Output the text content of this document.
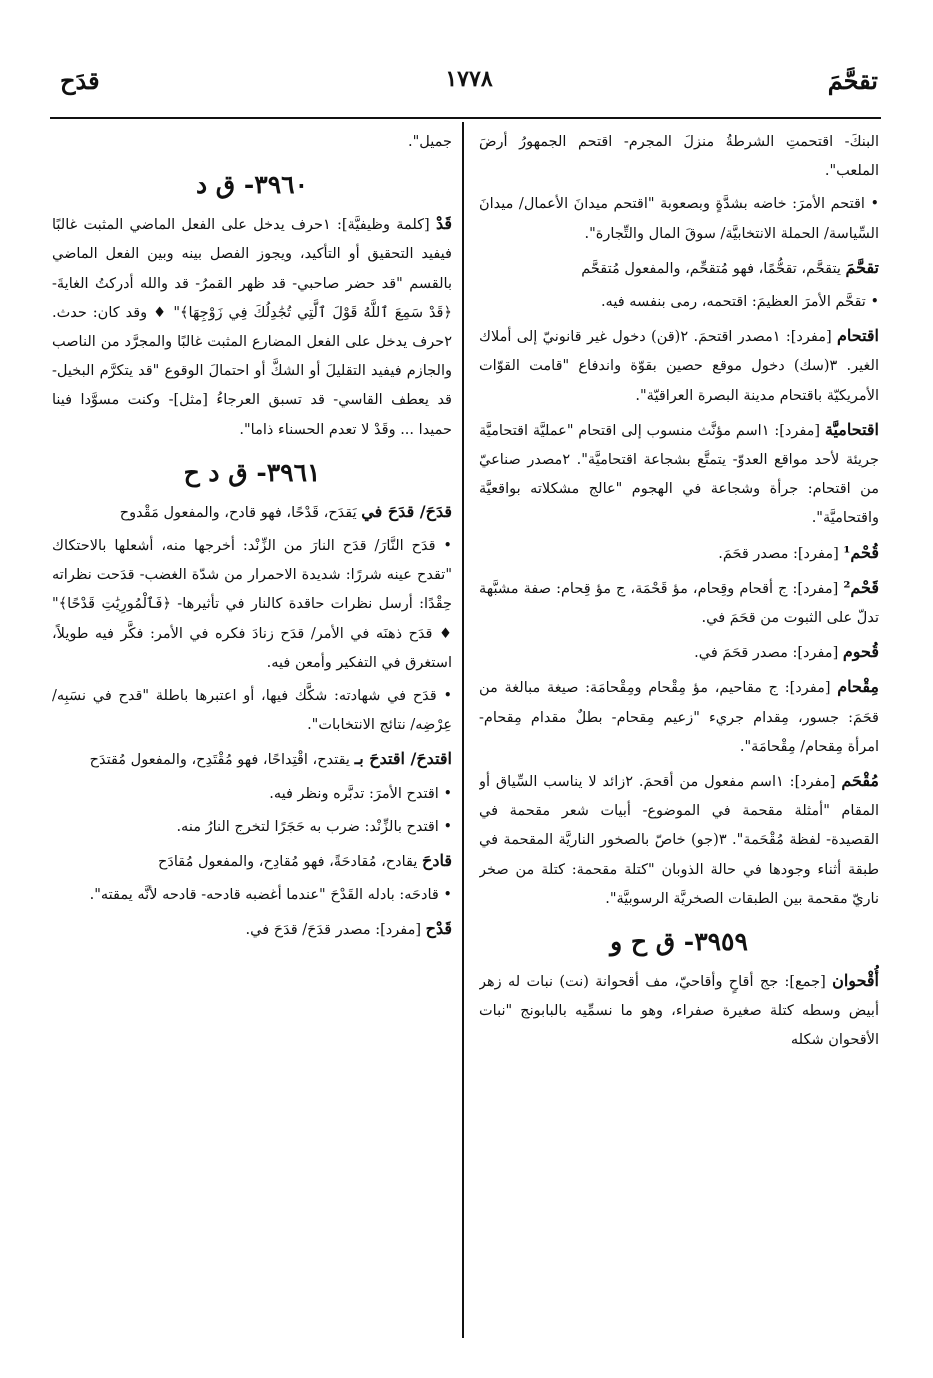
تقحَّمَ
١٧٧٨
قدَح

البنكَ- اقتحمتِ الشرطةُ منزلَ المجرم- اقتحم الجمهورُ أرضَ الملعب".

• اقتحم الأمرَ: خاضه بشدَّةٍ وبصعوبة "اقتحم ميدانَ الأعمال/ ميدانَ السِّياسة/ الحملة الانتخابيَّة/ سوقَ المال والتِّجارة".

تقحَّمَ يتقحَّم، تقحُّمًا، فهو مُتقحِّم، والمفعول مُتقحَّم

• تقحَّم الأمرَ العظيمَ: اقتحمه، رمى بنفسه فيه.

اقتحام [مفرد]: ١مصدر اقتحمَ. ٢(قن) دخول غير قانونيّ إلى أملاك الغير. ٣(سك) دخول موقع حصين بقوّة واندفاع "قامت القوّات الأمريكيّة باقتحام مدينة البصرة العراقيّة".

اقتحاميَّة [مفرد]: ١اسم مؤنَّث منسوب إلى اقتحام "عمليَّة اقتحاميَّة جريئة لأحد مواقع العدوّ- يتمتَّع بشجاعة اقتحاميَّة". ٢مصدر صناعيّ من اقتحام: جرأة وشجاعة في الهجوم "عالج مشكلاته بواقعيَّة واقتحاميَّة".

قُحْم¹ [مفرد]: مصدر قحَمَ.

قَحْم² [مفرد]: ج أقحام وقِحام، مؤ قَحْمَة، ج مؤ قِحام: صفة مشبَّهة تدلّ على الثبوت من قحَمَ في.

قُحوم [مفرد]: مصدر قحَمَ في.

مِقْحام [مفرد]: ج مقاحيم، مؤ مِقْحام ومِقْحامَة: صيغة مبالغة من قحَمَ: جسور، مِقدام جريء "زعيم مِقحام- بطلٌ مقدام مِقحام- امرأة مِقحام/ مِقْحامَة".

مُقْحَم [مفرد]: ١اسم مفعول من أقحمَ. ٢زائد لا يناسب السِّياق أو المقام "أمثلة مقحمة في الموضوع- أبيات شعر مقحمة في القصيدة- لفظة مُقْحَمة". ٣(جو) خاصّ بالصخور الناريَّة المقحمة في طبقة أثناء وجودها في حالة الذوبان "كتلة مقحمة: كتلة من صخر ناريّ مقحمة بين الطبقات الصخريَّة الرسوبيَّة".

٣٩٥٩- ق ح و

أُقْحوان [جمع]: جج أقاحٍ وأقاحيّ، مف أقحوانة (نت) نبات له زهر أبيض وسطه كتلة صغيرة صفراء، وهو ما نسمِّيه بالبابونج "نبات الأقحوان شكله

جميل".

٣٩٦٠- ق د

قَدْ [كلمة وظيفيَّة]: ١حرف يدخل على الفعل الماضي المثبت غالبًا فيفيد التحقيق أو التأكيد، ويجوز الفصل بينه وبين الفعل الماضي بالقسم "قد حضر صاحبي- قد ظهر القمرُ- قد والله أدركتُ الغايةَ- ﴿قَدْ سَمِعَ ٱللَّهُ قَوْلَ ٱلَّتِي تُجَٰدِلُكَ فِي زَوْجِهَا﴾" ♦ وقد كان: حدث. ٢حرف يدخل على الفعل المضارع المثبت غالبًا والمجرَّد من الناصب والجازم فيفيد التقليلَ أو الشكَّ أو احتمالَ الوقوع "قد يتكرَّم البخيل- قد يعطف القاسي- قد تسبق العرجاءُ [مثل]- وكنت مسوَّدا فينا حميدا ... وقَدْ لا تعدم الحسناء ذاما".

٣٩٦١- ق د ح

قدَحَ/ قدَحَ في يَقدَح، قَدْحًا، فهو قادح، والمفعول مَقْدوح

• قدَح النَّارَ/ قدَح النارَ من الزِّنْد: أخرجها منه، أشعلها بالاحتكاك "تقدح عينه شررًا: شديدة الاحمرار من شدّة الغضب- قدَحت نظراته حِقْدًا: أرسل نظرات حاقدة كالنار في تأثيرها- ﴿فَٱلْمُورِيَٰتِ قَدْحًا﴾" ♦ قدَح ذهنَه في الأمر/ قدَح زنادَ فكره في الأمر: فكَّر فيه طويلاً، استغرق في التفكير وأمعن فيه.

• قدَح في شهادته: شكَّك فيها، أو اعتبرها باطلة "قدح في نسَبِه/ عِرْضِه/ نتائج الانتخابات".

اقتدحَ/ اقتدحَ بـ يقتدح، اقْتِداحًا، فهو مُقْتَدِح، والمفعول مُقتدَح

• اقتدح الأمرَ: تدبَّره ونظر فيه.

• اقتدح بالزِّنْد: ضرب به حَجَرًا لتخرج النارُ منه.

قادحَ يقادح، مُقادحَةً، فهو مُقادِح، والمفعول مُقادَح

• قادحَه: بادله القَدْحَ "عندما أغضبه قادحه- قادحه لأنَّه يمقته".

قَدْح [مفرد]: مصدر قدَحَ/ قدَحَ في.
